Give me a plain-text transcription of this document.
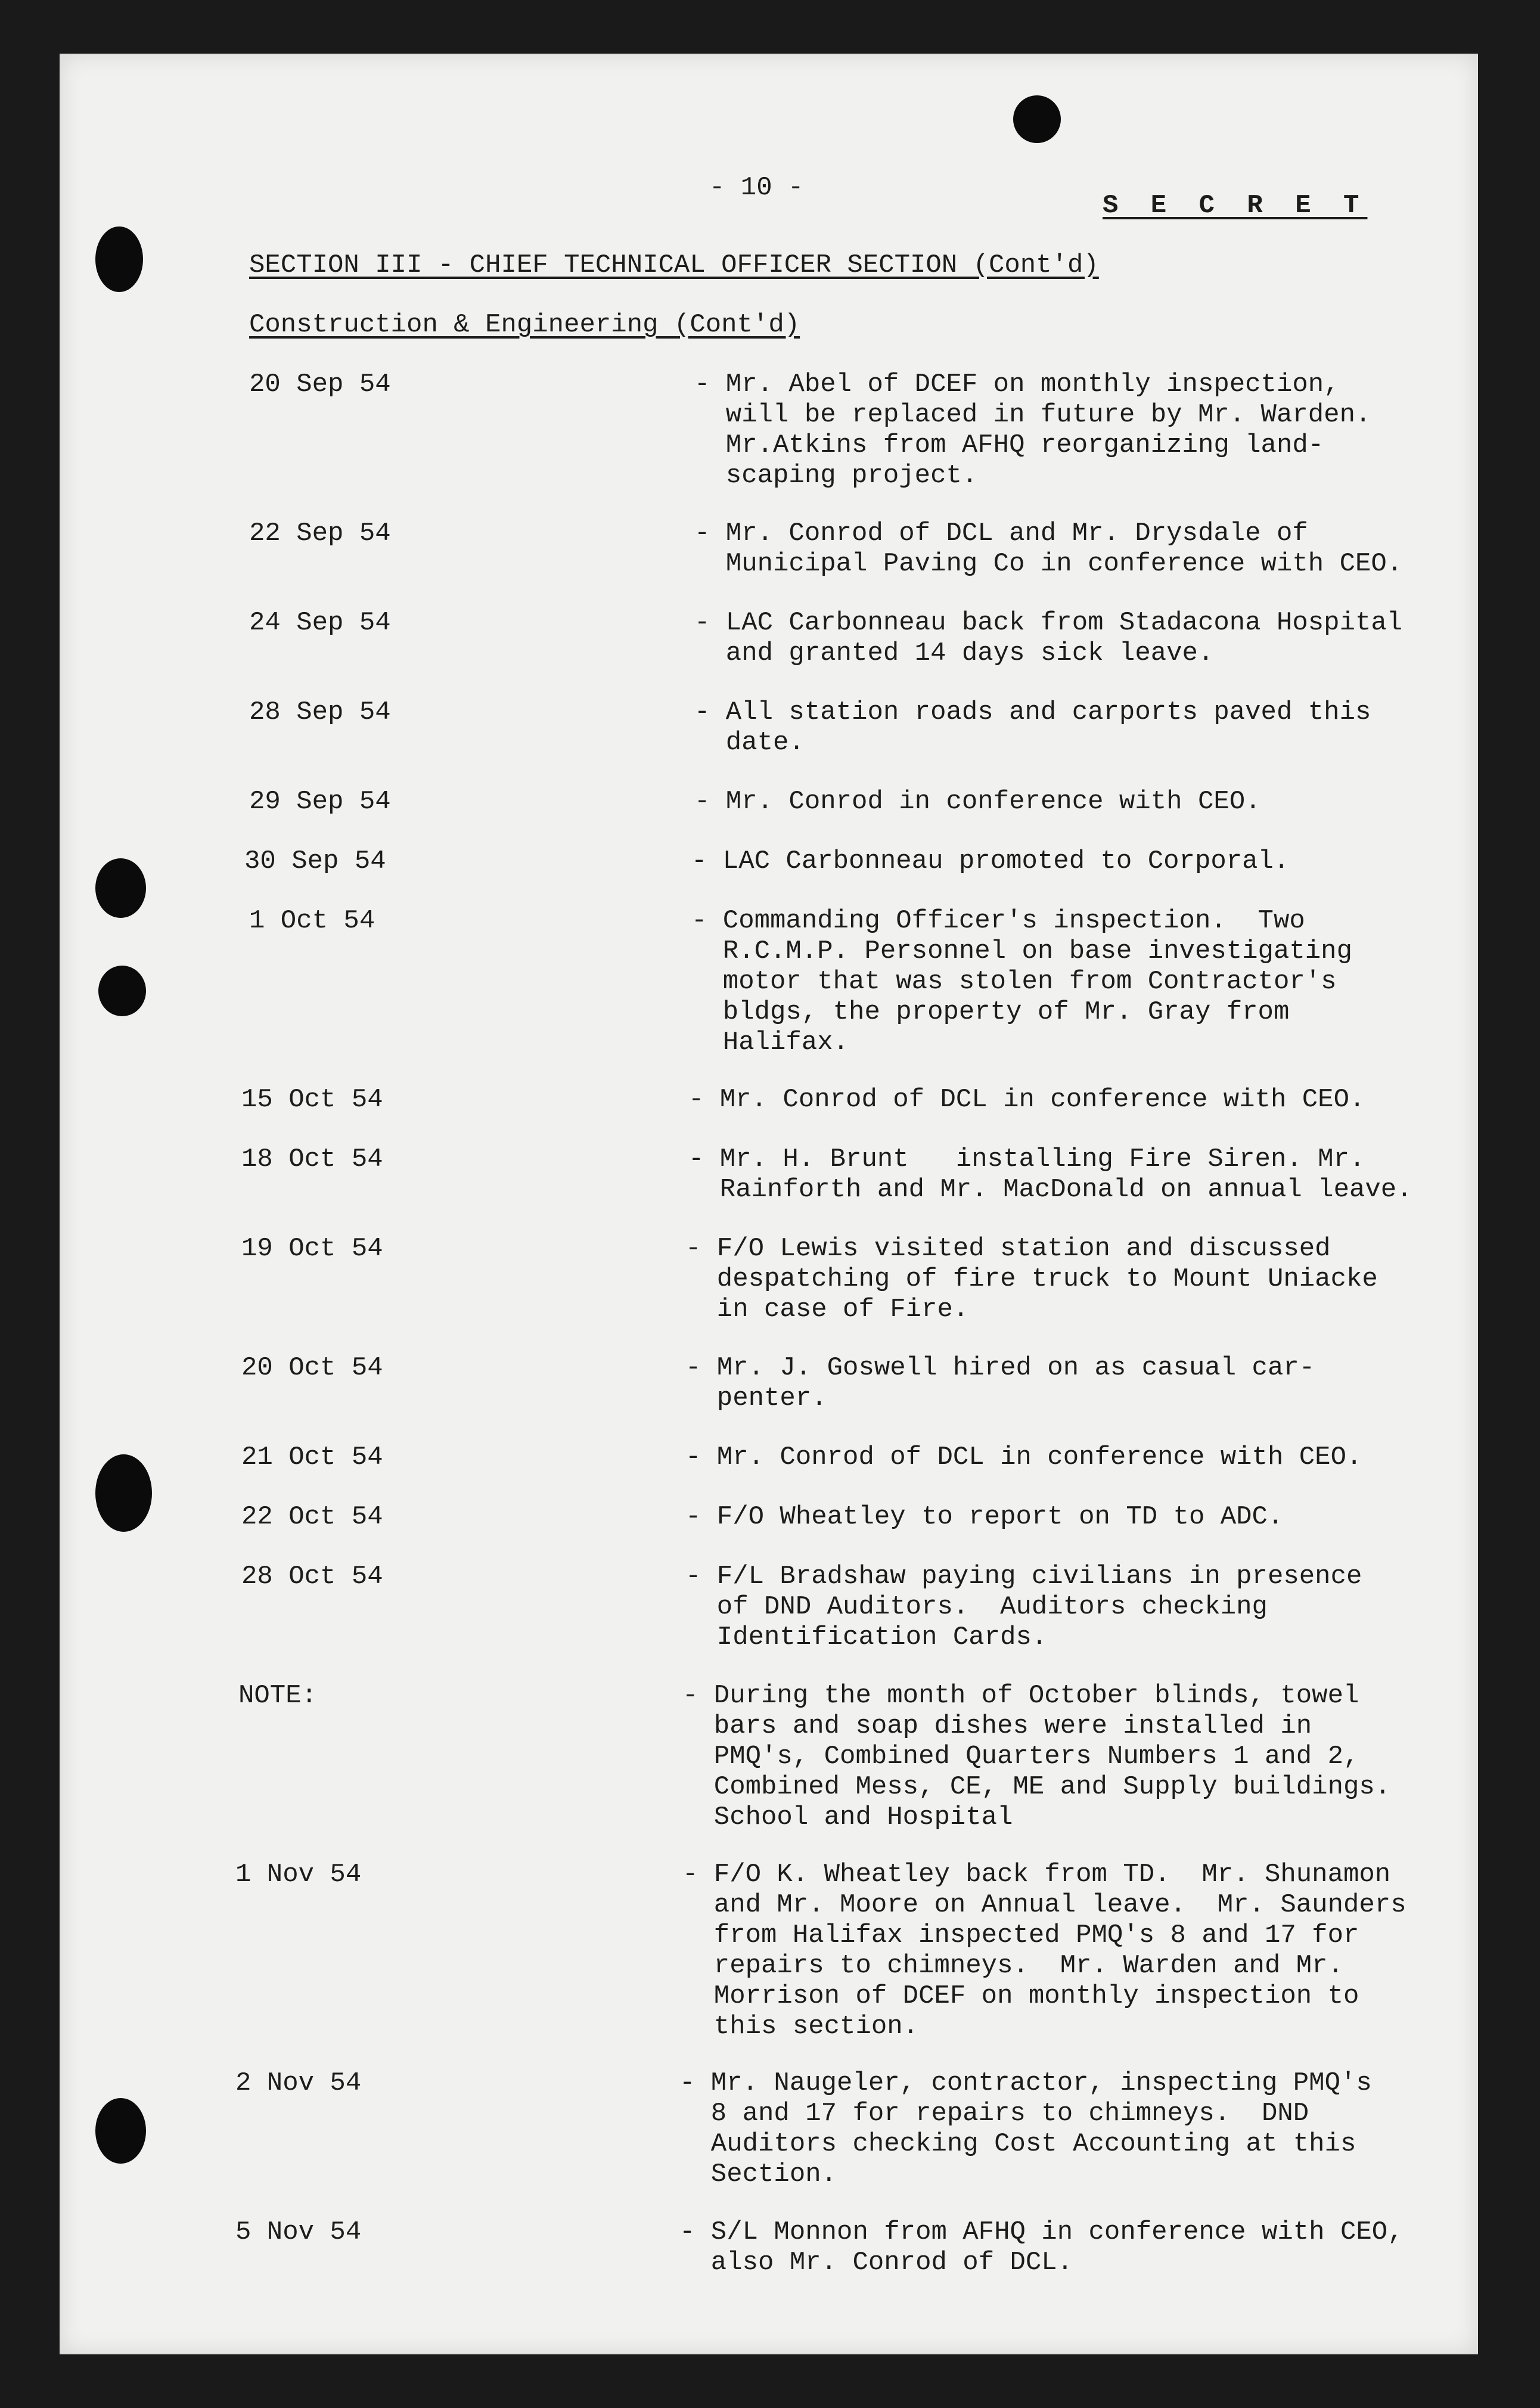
- 10 -
S E C R E T
SECTION III - CHIEF TECHNICAL OFFICER SECTION (Cont'd)
Construction & Engineering (Cont'd)
20 Sep 54	- Mr. Abel of DCEF on monthly inspection,
will be replaced in future by Mr. Warden.
Mr.Atkins from AFHQ reorganizing land-
scaping project.
22 Sep 54	- Mr. Conrod of DCL and Mr. Drysdale of
Municipal Paving Co in conference with CEO.
24 Sep 54	- LAC Carbonneau back from Stadacona Hospital
and granted 14 days sick leave.
28 Sep 54	- All station roads and carports paved this
date.
29 Sep 54	- Mr. Conrod in conference with CEO.
30 Sep 54	- LAC Carbonneau promoted to Corporal.
1 Oct 54	- Commanding Officer's inspection.  Two
R.C.M.P. Personnel on base investigating
motor that was stolen from Contractor's
bldgs, the property of Mr. Gray from
Halifax.
15 Oct 54	- Mr. Conrod of DCL in conference with CEO.
18 Oct 54	- Mr. H. Brunt   installing Fire Siren. Mr.
Rainforth and Mr. MacDonald on annual leave.
19 Oct 54	- F/O Lewis visited station and discussed
despatching of fire truck to Mount Uniacke
in case of Fire.
20 Oct 54	- Mr. J. Goswell hired on as casual car-
penter.
21 Oct 54	- Mr. Conrod of DCL in conference with CEO.
22 Oct 54	- F/O Wheatley to report on TD to ADC.
28 Oct 54	- F/L Bradshaw paying civilians in presence
of DND Auditors.  Auditors checking
Identification Cards.
NOTE:	- During the month of October blinds, towel
bars and soap dishes were installed in
PMQ's, Combined Quarters Numbers 1 and 2,
Combined Mess, CE, ME and Supply buildings.
School and Hospital
1 Nov 54	- F/O K. Wheatley back from TD.  Mr. Shunamon
and Mr. Moore on Annual leave.  Mr. Saunders
from Halifax inspected PMQ's 8 and 17 for
repairs to chimneys.  Mr. Warden and Mr.
Morrison of DCEF on monthly inspection to
this section.
2 Nov 54	- Mr. Naugeler, contractor, inspecting PMQ's
8 and 17 for repairs to chimneys.  DND
Auditors checking Cost Accounting at this
Section.
5 Nov 54	- S/L Monnon from AFHQ in conference with CEO,
also Mr. Conrod of DCL.
